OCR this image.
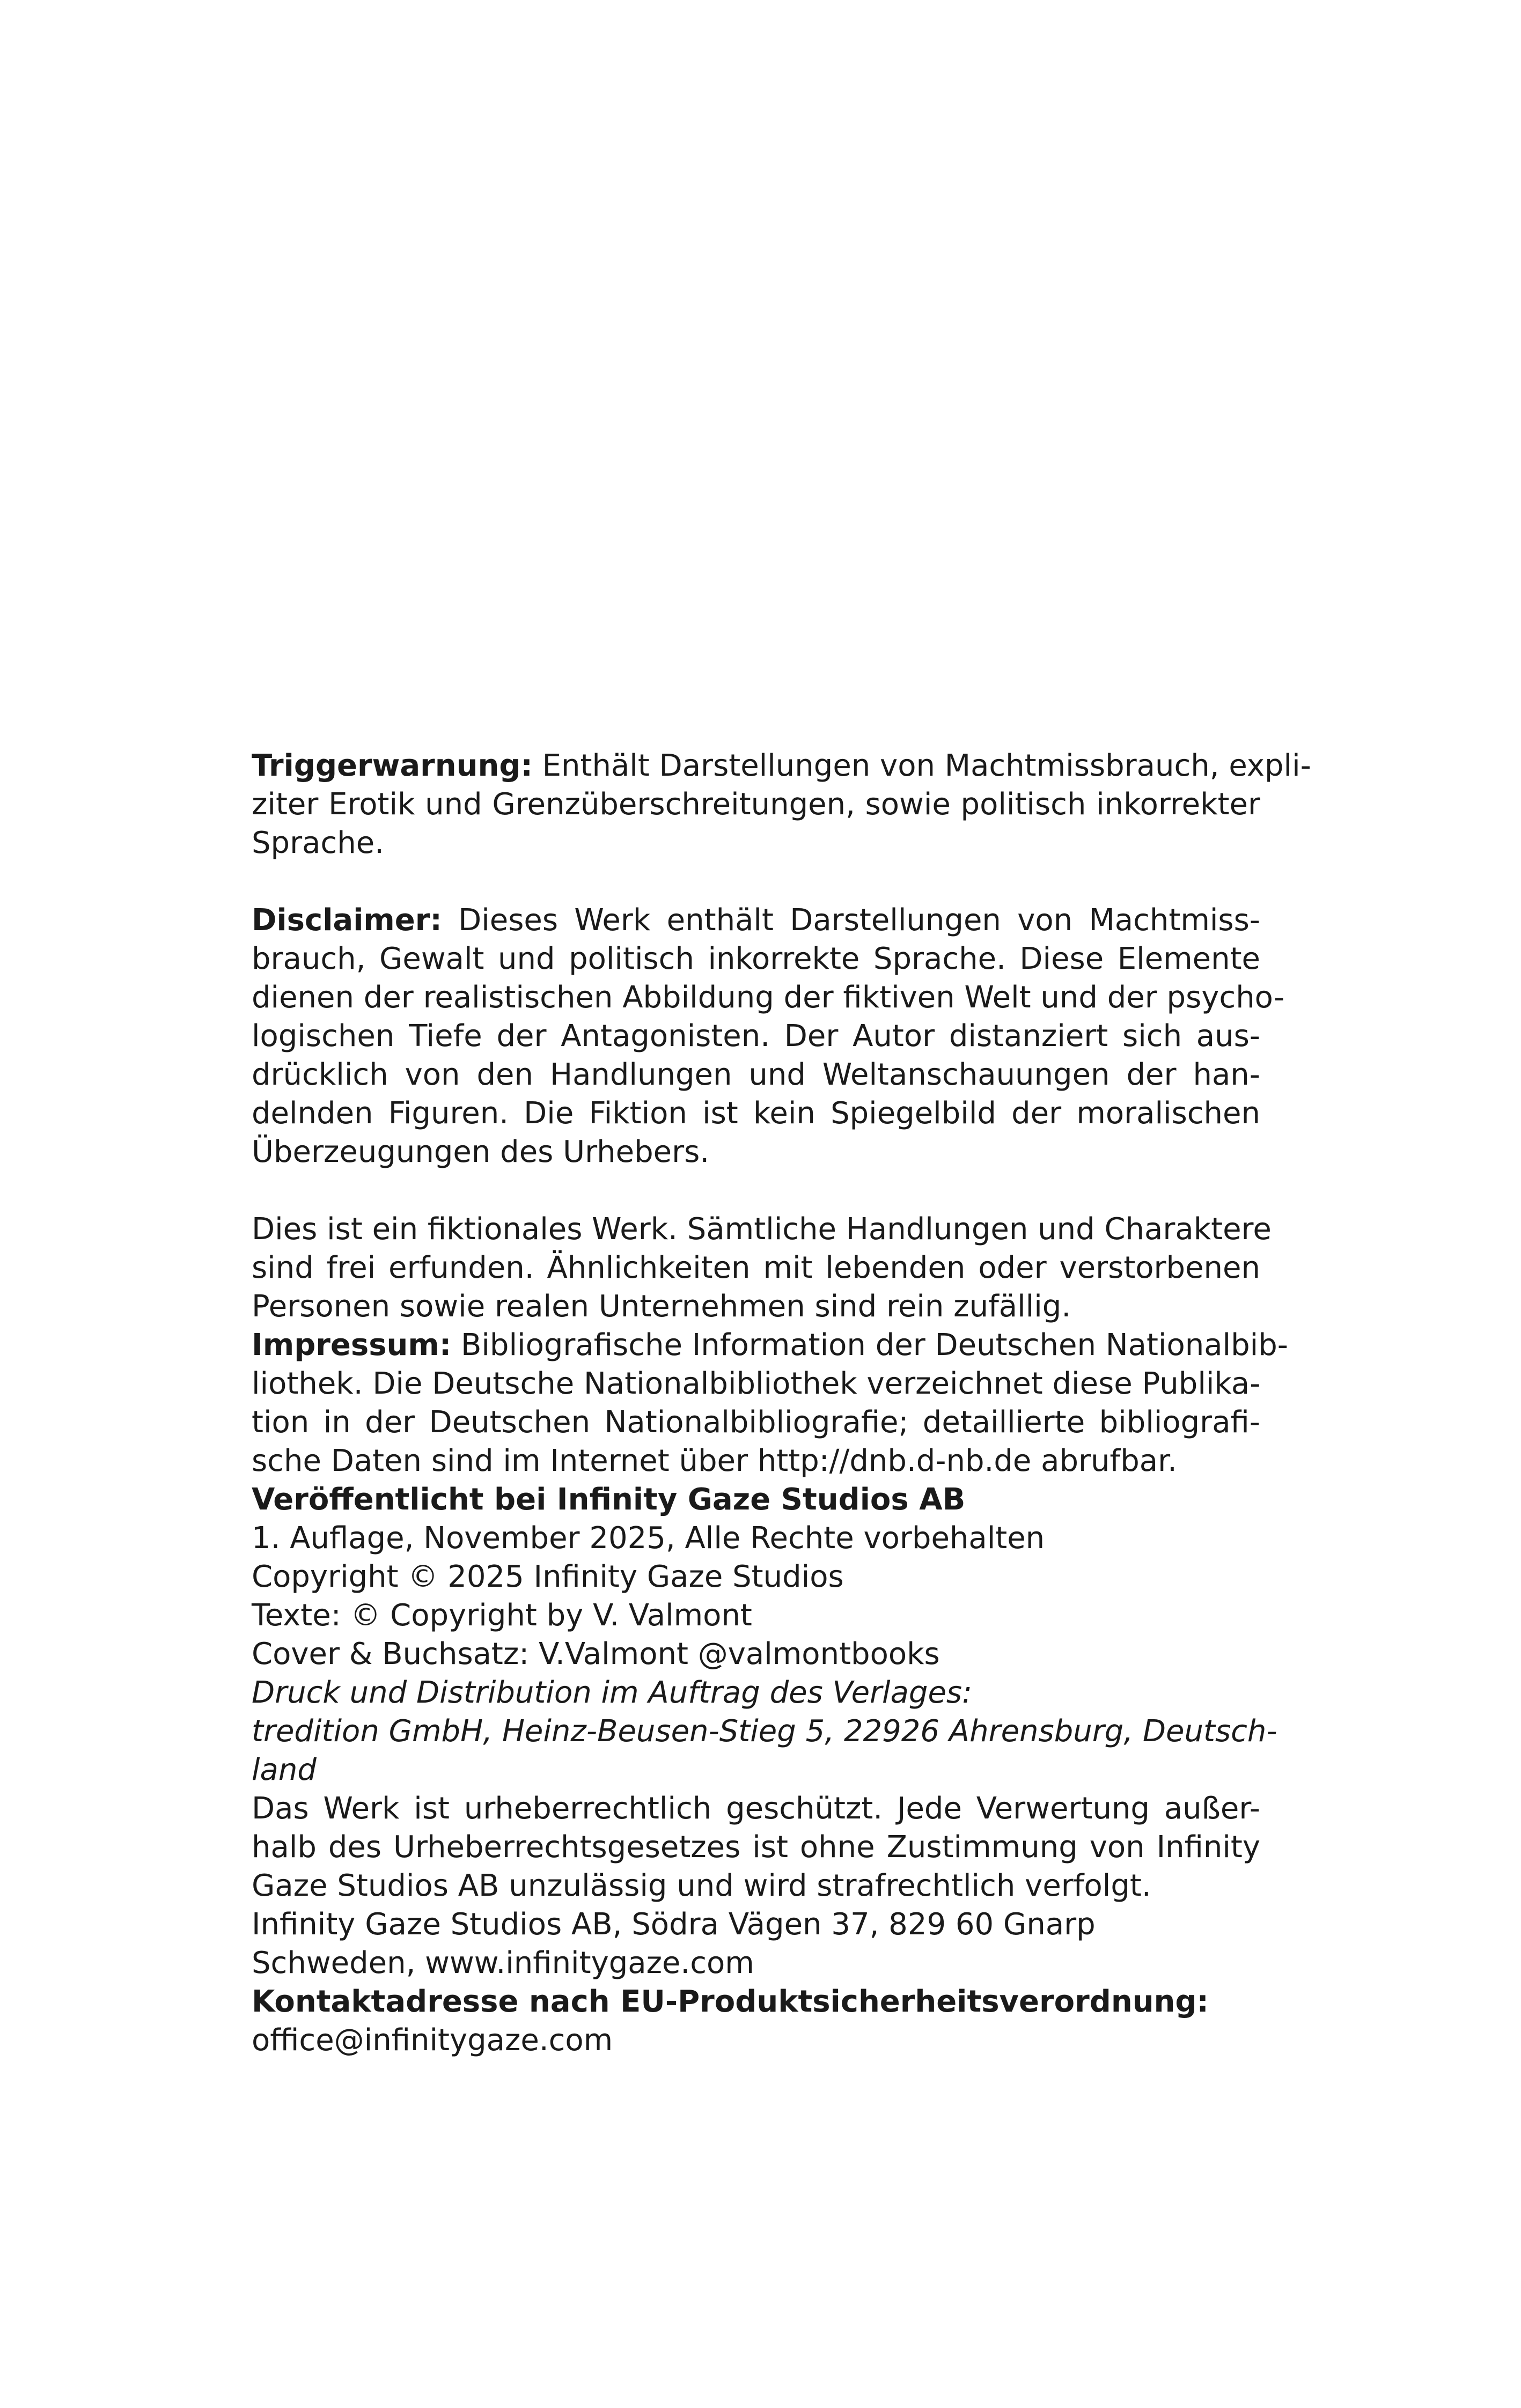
Triggerwarnung: Enthält Darstellungen von Machtmissbrauch, expli-
ziter Erotik und Grenzüberschreitungen, sowie politisch inkorrekter
Sprache.
Disclaimer: Dieses Werk enthält Darstellungen von Machtmiss-
brauch, Gewalt und politisch inkorrekte Sprache. Diese Elemente
dienen der realistischen Abbildung der fiktiven Welt und der psycho-
logischen Tiefe der Antagonisten. Der Autor distanziert sich aus-
drücklich von den Handlungen und Weltanschauungen der han-
delnden Figuren. Die Fiktion ist kein Spiegelbild der moralischen
Überzeugungen des Urhebers.
Dies ist ein fiktionales Werk. Sämtliche Handlungen und Charaktere
sind frei erfunden. Ähnlichkeiten mit lebenden oder verstorbenen
Personen sowie realen Unternehmen sind rein zufällig.
Impressum: Bibliografische Information der Deutschen Nationalbib-
liothek. Die Deutsche Nationalbibliothek verzeichnet diese Publika-
tion in der Deutschen Nationalbibliografie; detaillierte bibliografi-
sche Daten sind im Internet über http://dnb.d-nb.de abrufbar.
Veröffentlicht bei Infinity Gaze Studios AB
1. Auflage, November 2025, Alle Rechte vorbehalten
Copyright © 2025 Infinity Gaze Studios
Texte: © Copyright by V. Valmont
Cover & Buchsatz: V.Valmont @valmontbooks
Druck und Distribution im Auftrag des Verlages:
tredition GmbH, Heinz-Beusen-Stieg 5, 22926 Ahrensburg, Deutsch-
land
Das Werk ist urheberrechtlich geschützt. Jede Verwertung außer-
halb des Urheberrechtsgesetzes ist ohne Zustimmung von Infinity
Gaze Studios AB unzulässig und wird strafrechtlich verfolgt.
Infinity Gaze Studios AB, Södra Vägen 37, 829 60 Gnarp
Schweden, www.infinitygaze.com
Kontaktadresse nach EU-Produktsicherheitsverordnung:
office@infinitygaze.com
